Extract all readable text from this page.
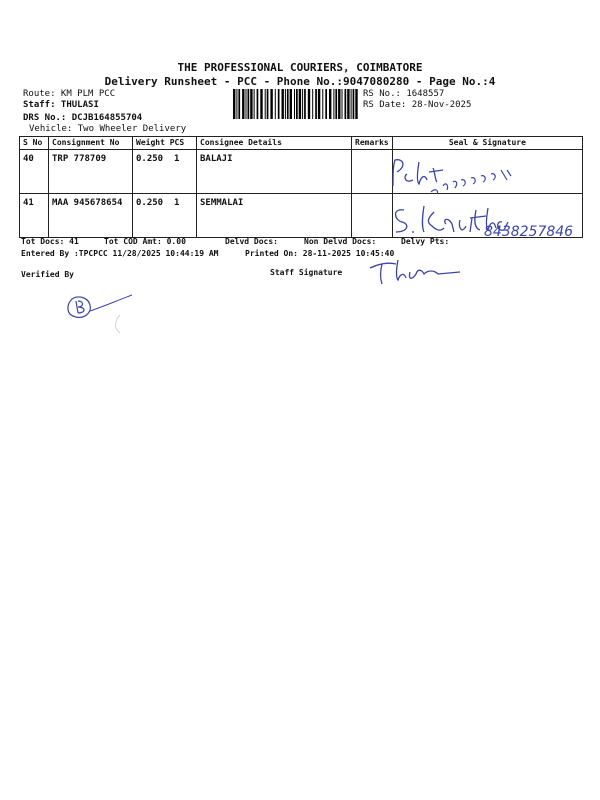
THE PROFESSIONAL COURIERS, COIMBATORE
Delivery Runsheet - PCC - Phone No.:9047080280 - Page No.:4
Route: KM PLM PCC
Staff: THULASI
DRS No.: DCJB164855704
Vehicle: Two Wheeler Delivery
RS No.: 1648557
RS Date: 28-Nov-2025
S No	Consignment No	Weight PCS	Consignee Details	Remarks	Seal & Signature
40	TRP 778709	0.250 1	BALAJI		
41	MAA 945678654	0.250 1	SEMMALAI		
8438257846
Tot Docs: 41	Tot COD Amt: 0.00	Delvd Docs:	Non Delvd Docs:	Delvy Pts:
Entered By :TPCPCC 11/28/2025 10:44:19 AM	Printed On: 28-11-2025 10:45:40
Verified By	Staff Signature
